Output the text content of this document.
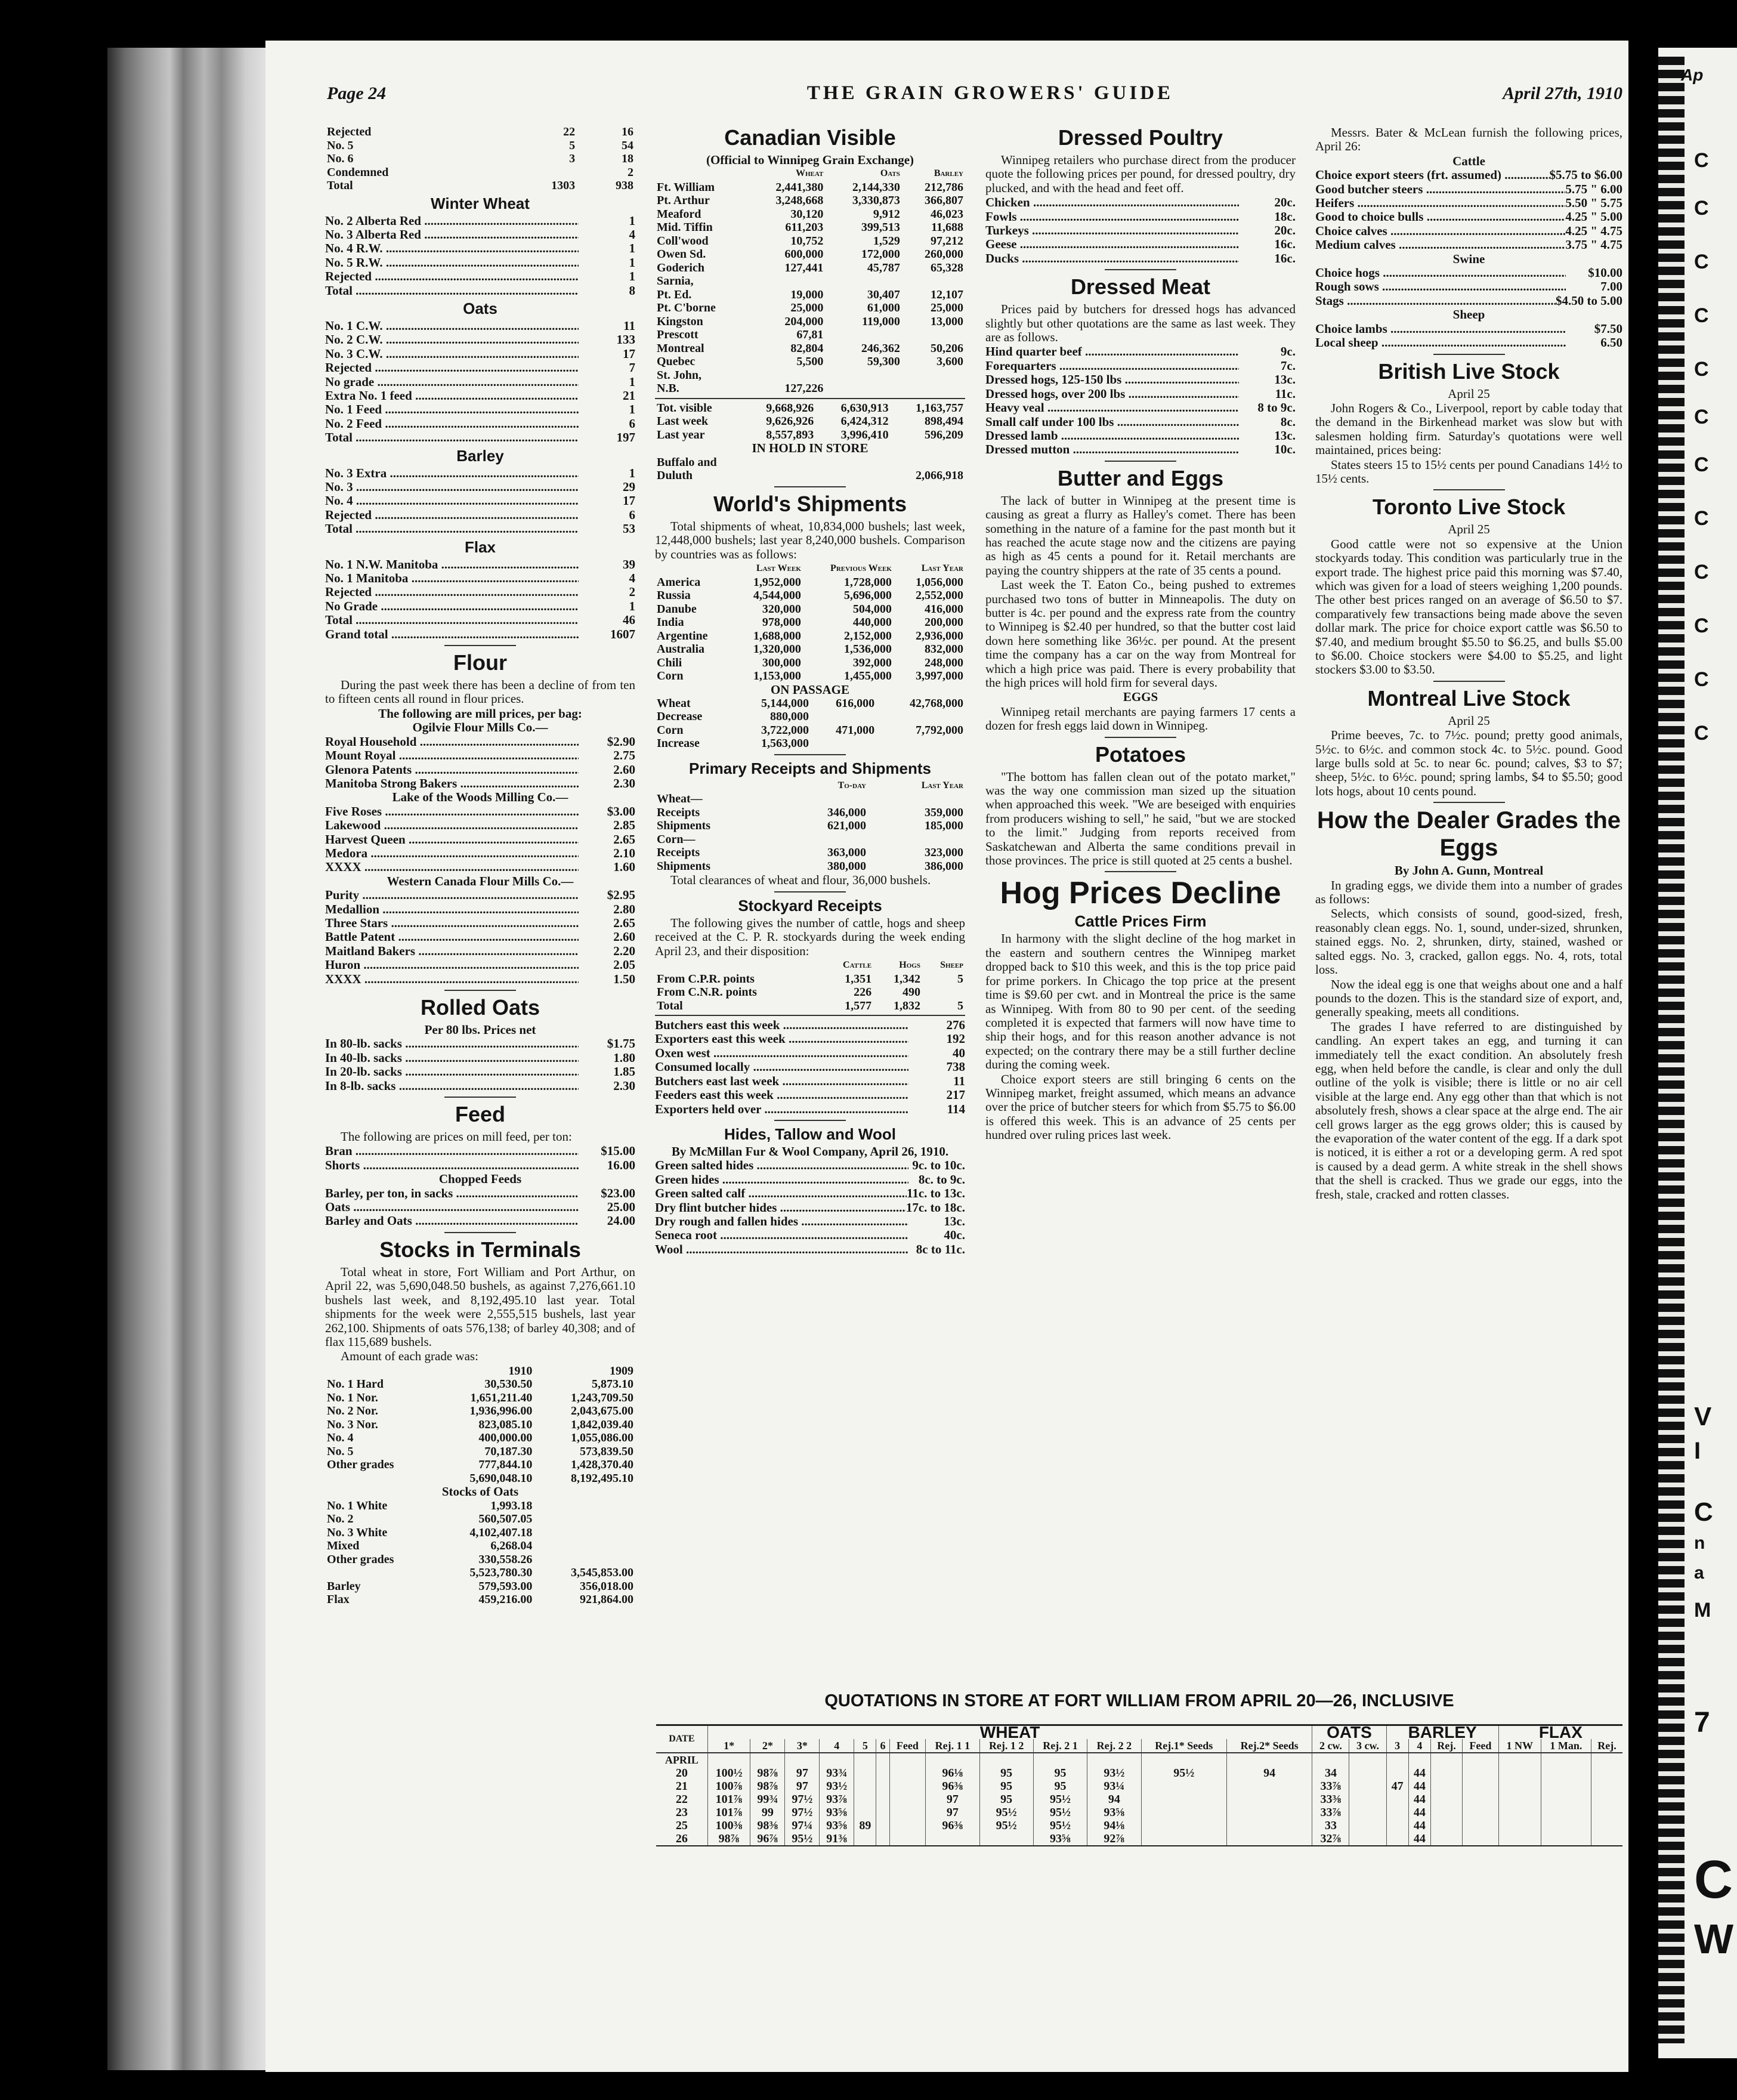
Page 24	THE GRAIN GROWERS' GUIDE	April 27th, 1910
Rejected	22	16
No. 5	5	54
No. 6	3	18
Condemned		2
Total	1303	938
Winter Wheat
No. 2 Alberta Red .....	1
No. 3 Alberta Red .....	4
No. 4 R.W. .....	1
No. 5 R.W. .....	1
Rejected .....	1
Total .....	8
Oats
No. 1 C.W. .....	11
No. 2 C.W. .....	133
No. 3 C.W. .....	17
Rejected .....	7
No grade .....	1
Extra No. 1 feed .....	21
No. 1 Feed .....	1
No. 2 Feed .....	6
Total .....	197
Barley
No. 3 Extra .....	1
No. 3 .....	29
No. 4 .....	17
Rejected .....	6
Total .....	53
Flax
No. 1 N.W. Manitoba .....	39
No. 1 Manitoba .....	4
Rejected .....	2
No Grade .....	1
Total .....	46
Grand total .....	1607
Flour

During the past week there has been a decline of from ten to fifteen cents all round in flour prices.

The following are mill prices, per bag:
Ogilvie Flour Mills Co.—
Royal Household .....	$2.90
Mount Royal .....	2.75
Glenora Patents .....	2.60
Manitoba Strong Bakers .....	2.30
Lake of the Woods Milling Co.—
Five Roses .....	$3.00
Lakewood .....	2.85
Harvest Queen .....	2.65
Medora .....	2.10
XXXX .....	1.60
Western Canada Flour Mills Co.—
Purity .....	$2.95
Medallion .....	2.80
Three Stars .....	2.65
Battle Patent .....	2.60
Maitland Bakers .....	2.20
Huron .....	2.05
XXXX .....	1.50
Rolled Oats
Per 80 lbs. Prices net
In 80-lb. sacks .....	$1.75
In 40-lb. sacks .....	1.80
In 20-lb. sacks .....	1.85
In 8-lb. sacks .....	2.30
Feed

The following are prices on mill feed, per ton:

Bran .....	$15.00
Shorts .....	16.00
Chopped Feeds
Barley, per ton, in sacks .....	$23.00
Oats .....	25.00
Barley and Oats .....	24.00
Stocks in Terminals

Total wheat in store, Fort William and Port Arthur, on April 22, was 5,690,048.50 bushels, as against 7,276,661.10 bushels last week, and 8,192,495.10 last year. Total shipments for the week were 2,555,515 bushels, last year 262,100. Shipments of oats 576,138; of barley 40,308; and of flax 115,689 bushels.

Amount of each grade was:

	1910	1909
No. 1 Hard	30,530.50	5,873.10
No. 1 Nor.	1,651,211.40	1,243,709.50
No. 2 Nor.	1,936,996.00	2,043,675.00
No. 3 Nor.	823,085.10	1,842,039.40
No. 4	400,000.00	1,055,086.00
No. 5	70,187.30	573,839.50
Other grades	777,844.10	1,428,370.40
	5,690,048.10	8,192,495.10
Stocks of Oats
No. 1 White	1,993.18	
No. 2	560,507.05	
No. 3 White	4,102,407.18	
Mixed	6,268.04	
Other grades	330,558.26	
	5,523,780.30	3,545,853.00
Barley	579,593.00	356,018.00
Flax	459,216.00	921,864.00
Canadian Visible
(Official to Winnipeg Grain Exchange)
	Wheat	Oats	Barley
Ft. William	2,441,380	2,144,330	212,786
Pt. Arthur	3,248,668	3,330,873	366,807
Meaford	30,120	9,912	46,023
Mid. Tiffin	611,203	399,513	11,688
Coll'wood	10,752	1,529	97,212
Owen Sd.	600,000	172,000	260,000
Goderich	127,441	45,787	65,328
Sarnia,			
Pt. Ed.	19,000	30,407	12,107
Pt. C'borne	25,000	61,000	25,000
Kingston	204,000	119,000	13,000
Prescott	67,81		
Montreal	82,804	246,362	50,206
Quebec	5,500	59,300	3,600
St. John,			
N.B.	127,226		
Tot. visible	9,668,926	6,630,913	1,163,757
Last week	9,626,926	6,424,312	898,494
Last year	8,557,893	3,996,410	596,209
IN HOLD IN STORE
Buffalo and	
Duluth	2,066,918
World's Shipments

Total shipments of wheat, 10,834,000 bushels; last week, 12,448,000 bushels; last year 8,240,000 bushels. Comparison by countries was as follows:

	Last Week	Previous Week	Last Year
America	1,952,000	1,728,000	1,056,000
Russia	4,544,000	5,696,000	2,552,000
Danube	320,000	504,000	416,000
India	978,000	440,000	200,000
Argentine	1,688,000	2,152,000	2,936,000
Australia	1,320,000	1,536,000	832,000
Chili	300,000	392,000	248,000
Corn	1,153,000	1,455,000	3,997,000
ON PASSAGE
Wheat	5,144,000	616,000	42,768,000
Decrease	880,000		
Corn	3,722,000	471,000	7,792,000
Increase	1,563,000		
Primary Receipts and Shipments
	To-day	Last Year
Wheat—		
Receipts	346,000	359,000
Shipments	621,000	185,000
Corn—		
Receipts	363,000	323,000
Shipments	380,000	386,000

Total clearances of wheat and flour, 36,000 bushels.

Stockyard Receipts

The following gives the number of cattle, hogs and sheep received at the C. P. R. stockyards during the week ending April 23, and their disposition:

	Cattle	Hogs	Sheep
From C.P.R. points	1,351	1,342	5
From C.N.R. points	226	490	
Total	1,577	1,832	5
Butchers east this week .....	276
Exporters east this week .....	192
Oxen west .....	40
Consumed locally .....	738
Butchers east last week .....	11
Feeders east this week .....	217
Exporters held over .....	114
Hides, Tallow and Wool
By McMillan Fur & Wool Company, April 26, 1910.
Green salted hides .....	9c. to 10c.
Green hides .....	8c. to 9c.
Green salted calf .....	11c. to 13c.
Dry flint butcher hides .....	17c. to 18c.
Dry rough and fallen hides .....	13c.
Seneca root .....	40c.
Wool .....	8c to 11c.
Dressed Poultry

Winnipeg retailers who purchase direct from the producer quote the following prices per pound, for dressed poultry, dry plucked, and with the head and feet off.

Chicken .....	20c.
Fowls .....	18c.
Turkeys .....	20c.
Geese .....	16c.
Ducks .....	16c.
Dressed Meat

Prices paid by butchers for dressed hogs has advanced slightly but other quotations are the same as last week. They are as follows.

Hind quarter beef .....	9c.
Forequarters .....	7c.
Dressed hogs, 125-150 lbs .....	13c.
Dressed hogs, over 200 lbs .....	11c.
Heavy veal .....	8 to 9c.
Small calf under 100 lbs .....	8c.
Dressed lamb .....	13c.
Dressed mutton .....	10c.
Butter and Eggs

The lack of butter in Winnipeg at the present time is causing as great a flurry as Halley's comet. There has been something in the nature of a famine for the past month but it has reached the acute stage now and the citizens are paying as high as 45 cents a pound for it. Retail merchants are paying the country shippers at the rate of 35 cents a pound.

Last week the T. Eaton Co., being pushed to extremes purchased two tons of butter in Minneapolis. The duty on butter is 4c. per pound and the express rate from the country to Winnipeg is $2.40 per hundred, so that the butter cost laid down here something like 36½c. per pound. At the present time the company has a car on the way from Montreal for which a high price was paid. There is every probability that the high prices will hold firm for several days.

EGGS

Winnipeg retail merchants are paying farmers 17 cents a dozen for fresh eggs laid down in Winnipeg.

Potatoes

"The bottom has fallen clean out of the potato market," was the way one commission man sized up the situation when approached this week. "We are beseiged with enquiries from producers wishing to sell," he said, "but we are stocked to the limit." Judging from reports received from Saskatchewan and Alberta the same conditions prevail in those provinces. The price is still quoted at 25 cents a bushel.

Hog Prices Decline
Cattle Prices Firm

In harmony with the slight decline of the hog market in the eastern and southern centres the Winnipeg market dropped back to $10 this week, and this is the top price paid for prime porkers. In Chicago the top price at the present time is $9.60 per cwt. and in Montreal the price is the same as Winnipeg. With from 80 to 90 per cent. of the seeding completed it is expected that farmers will now have time to ship their hogs, and for this reason another advance is not expected; on the contrary there may be a still further decline during the coming week.

Choice export steers are still bringing 6 cents on the Winnipeg market, freight assumed, which means an advance over the price of butcher steers for which from $5.75 to $6.00 is offered this week. This is an advance of 25 cents per hundred over ruling prices last week.

Messrs. Bater & McLean furnish the following prices, April 26:

Cattle
Choice export steers (frt. assumed) .....	$5.75 to $6.00
Good butcher steers .....	5.75 " 6.00
Heifers .....	5.50 " 5.75
Good to choice bulls .....	4.25 " 5.00
Choice calves .....	4.25 " 4.75
Medium calves .....	3.75 " 4.75
Swine
Choice hogs .....	$10.00
Rough sows .....	7.00
Stags .....	$4.50 to 5.00
Sheep
Choice lambs .....	$7.50
Local sheep .....	6.50
British Live Stock
April 25

John Rogers & Co., Liverpool, report by cable today that the demand in the Birkenhead market was slow but with salesmen holding firm. Saturday's quotations were well maintained, prices being:

States steers 15 to 15½ cents per pound Canadians 14½ to 15½ cents.

Toronto Live Stock
April 25

Good cattle were not so expensive at the Union stockyards today. This condition was particularly true in the export trade. The highest price paid this morning was $7.40, which was given for a load of steers weighing 1,200 pounds. The other best prices ranged on an average of $6.50 to $7. comparatively few transactions being made above the seven dollar mark. The price for choice export cattle was $6.50 to $7.40, and medium brought $5.50 to $6.25, and bulls $5.00 to $6.00. Choice stockers were $4.00 to $5.25, and light stockers $3.00 to $3.50.

Montreal Live Stock
April 25

Prime beeves, 7c. to 7½c. pound; pretty good animals, 5½c. to 6½c. and common stock 4c. to 5½c. pound. Good large bulls sold at 5c. to near 6c. pound; calves, $3 to $7; sheep, 5½c. to 6½c. pound; spring lambs, $4 to $5.50; good lots hogs, about 10 cents pound.

How the Dealer Grades the Eggs
By John A. Gunn, Montreal

In grading eggs, we divide them into a number of grades as follows:

Selects, which consists of sound, good-sized, fresh, reasonably clean eggs. No. 1, sound, under-sized, shrunken, stained eggs. No. 2, shrunken, dirty, stained, washed or salted eggs. No. 3, cracked, gallon eggs. No. 4, rots, total loss.

Now the ideal egg is one that weighs about one and a half pounds to the dozen. This is the standard size of export, and, generally speaking, meets all conditions.

The grades I have referred to are distinguished by candling. An expert takes an egg, and turning it can immediately tell the exact condition. An absolutely fresh egg, when held before the candle, is clear and only the dull outline of the yolk is visible; there is little or no air cell visible at the large end. Any egg other than that which is not absolutely fresh, shows a clear space at the alrge end. The air cell grows larger as the egg grows older; this is caused by the evaporation of the water content of the egg. If a dark spot is noticed, it is either a rot or a developing germ. A red spot is caused by a dead germ. A white streak in the shell shows that the shell is cracked. Thus we grade our eggs, into the fresh, stale, cracked and rotten classes.

QUOTATIONS IN STORE AT FORT WILLIAM FROM APRIL 20—26, INCLUSIVE
DATE	WHEAT													OATS		BARLEY				FLAX		
	1*	2*	3*	4	5	6	Feed	Rej. 1 1	Rej. 1 2	Rej. 2 1	Rej. 2 2	Rej.1* Seeds	Rej.2* Seeds	2 cw.	3 cw.	3	4	Rej.	Feed	1 NW	1 Man.	Rej.
APRIL																						
20	100½	98⅞	97	93¾				96⅛	95	95	93½	95½	94	34			44					
21	100⅞	98⅞	97	93½				96⅜	95	95	93¼			33⅞		47	44					
22	101⅞	99¾	97½	93⅞				97	95	95½	94			33⅜			44					
23	101⅞	99	97½	93⅝				97	95½	95½	93⅝			33⅞			44					
25	100⅜	98⅜	97¼	93⅝	89			96⅜	95½	95½	94⅛			33			44					
26	98⅞	96⅞	95½	91⅜						93⅝	92⅞			32⅞			44					
Ap
C
C
C
C
C
C
C
C
C
C
C
C
V
I
C
n
a
M
7
C
W
